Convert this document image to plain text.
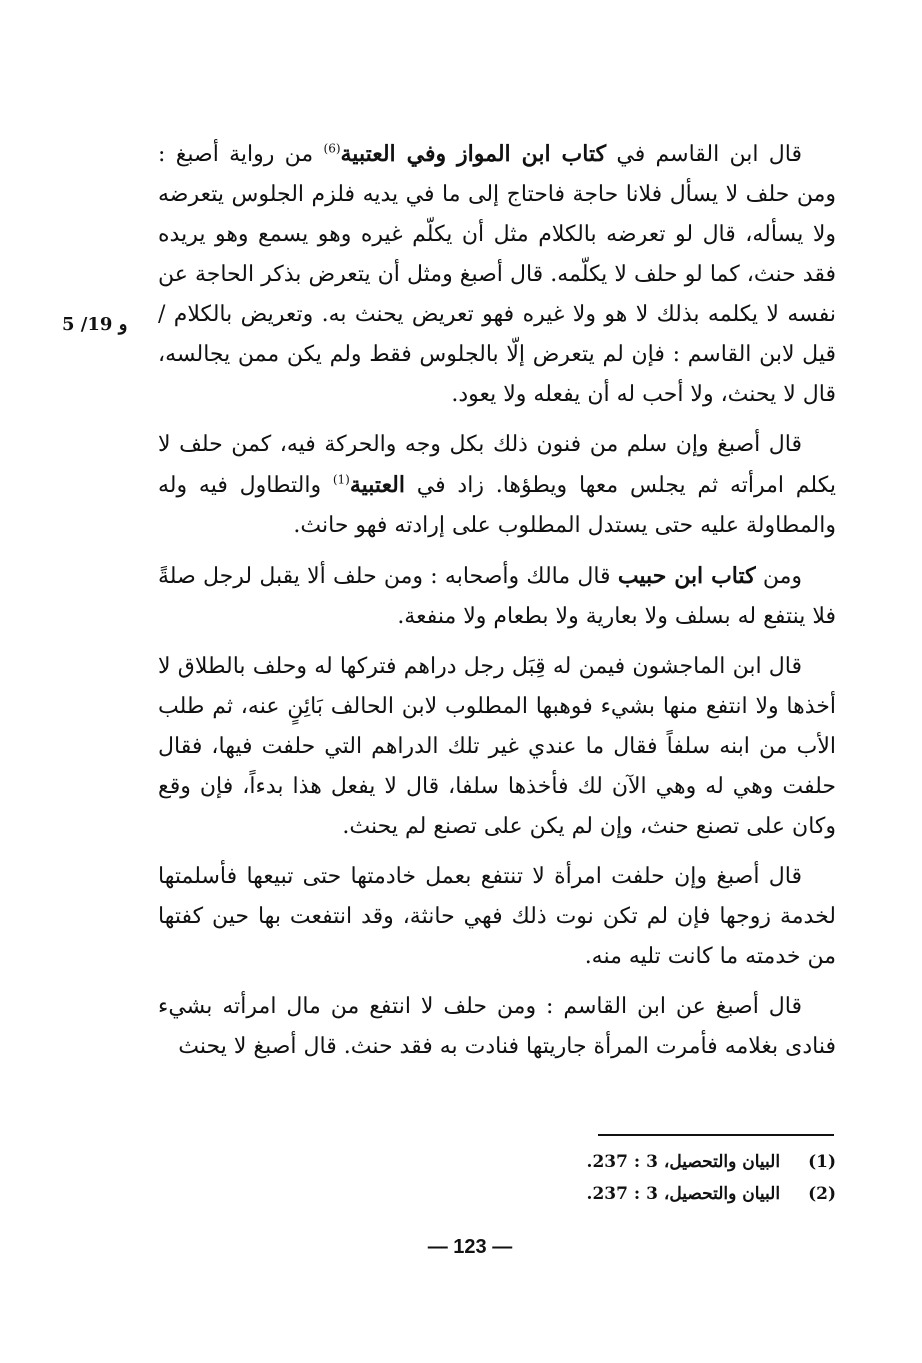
5 /19 و

قال ابن القاسم في كتاب ابن المواز وفي العتبية$^{(6)}$ من رواية أصبغ : ومن حلف لا يسأل فلانا حاجة فاحتاج إلى ما في يديه فلزم الجلوس يتعرضه ولا يسأله، قال لو تعرضه بالكلام مثل أن يكلّم غيره وهو يسمع وهو يريده فقد حنث، كما لو حلف لا يكلّمه. قال أصبغ ومثل أن يتعرض بذكر الحاجة عن نفسه لا يكلمه بذلك لا هو ولا غيره فهو تعريض يحنث به. وتعريض بالكلام / قيل لابن القاسم : فإن لم يتعرض إلّا بالجلوس فقط ولم يكن ممن يجالسه، قال لا يحنث، ولا أحب له أن يفعله ولا يعود.

قال أصبغ وإن سلم من فنون ذلك بكل وجه والحركة فيه، كمن حلف لا يكلم امرأته ثم يجلس معها ويطؤها. زاد في العتبية$^{(1)}$ والتطاول فيه وله والمطاولة عليه حتى يستدل المطلوب على إرادته فهو حانث.

ومن كتاب ابن حبيب قال مالك وأصحابه : ومن حلف ألا يقبل لرجل صلةً فلا ينتفع له بسلف ولا بعارية ولا بطعام ولا منفعة.

قال ابن الماجشون فيمن له قِبَل رجل دراهم فتركها له وحلف بالطلاق لا أخذها ولا انتفع منها بشيء فوهبها المطلوب لابن الحالف بَائِنٍ عنه، ثم طلب الأب من ابنه سلفاً فقال ما عندي غير تلك الدراهم التي حلفت فيها، فقال حلفت وهي له وهي الآن لك فأخذها سلفا، قال لا يفعل هذا بدءاً، فإن وقع وكان على تصنع حنث، وإن لم يكن على تصنع لم يحنث.

قال أصبغ وإن حلفت امرأة لا تنتفع بعمل خادمتها حتى تبيعها فأسلمتها لخدمة زوجها فإن لم تكن نوت ذلك فهي حانثة، وقد انتفعت بها حين كفتها من خدمته ما كانت تليه منه.

قال أصبغ عن ابن القاسم : ومن حلف لا انتفع من مال امرأته بشيء فنادى بغلامه فأمرت المرأة جاريتها فنادت به فقد حنث. قال أصبغ لا يحنث

(1)
البيان والتحصيل، 3 : 237.
(2)
البيان والتحصيل، 3 : 237.
— 123 —
